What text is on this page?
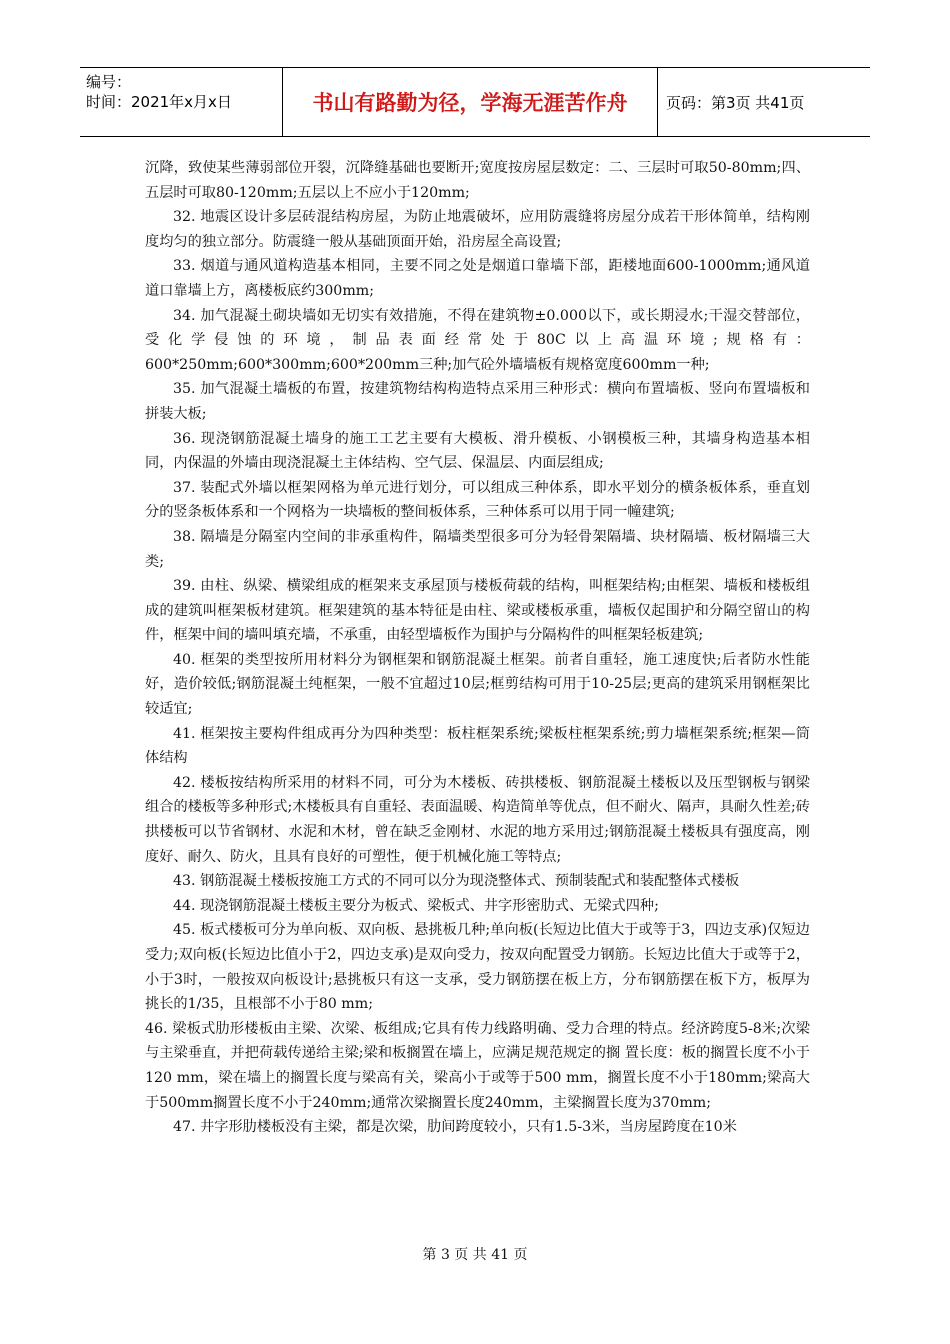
编号：
时间：2021年x月x日	书山有路勤为径，学海无涯苦作舟	页码：第3页 共41页

沉降，致使某些薄弱部位开裂，沉降缝基础也要断开;宽度按房屋层数定：二、三层时可取50-80mm;四、五层时可取80-120mm;五层以上不应小于120mm;

32. 地震区设计多层砖混结构房屋，为防止地震破坏，应用防震缝将房屋分成若干形体简单，结构刚度均匀的独立部分。防震缝一般从基础顶面开始，沿房屋全高设置;

33. 烟道与通风道构造基本相同，主要不同之处是烟道口靠墙下部，距楼地面600-1000mm;通风道道口靠墙上方，离楼板底约300mm;

34. 加气混凝土砌块墙如无切实有效措施，不得在建筑物±0.000以下，或长期浸水;干湿交替部位，受化学侵蚀的环境，制品表面经常处于80C以上高温环境;规格有：600*250mm;600*300mm;600*200mm三种;加气砼外墙墙板有规格宽度600mm一种;

35. 加气混凝土墙板的布置，按建筑物结构构造特点采用三种形式：横向布置墙板、竖向布置墙板和拼装大板;

36. 现浇钢筋混凝土墙身的施工工艺主要有大模板、滑升模板、小钢模板三种，其墙身构造基本相同，内保温的外墙由现浇混凝土主体结构、空气层、保温层、内面层组成;

37. 装配式外墙以框架网格为单元进行划分，可以组成三种体系，即水平划分的横条板体系，垂直划分的竖条板体系和一个网格为一块墙板的整间板体系，三种体系可以用于同一幢建筑;

38. 隔墙是分隔室内空间的非承重构件，隔墙类型很多可分为轻骨架隔墙、块材隔墙、板材隔墙三大类;

39. 由柱、纵梁、横梁组成的框架来支承屋顶与楼板荷载的结构，叫框架结构;由框架、墙板和楼板组成的建筑叫框架板材建筑。框架建筑的基本特征是由柱、梁或楼板承重，墙板仅起围护和分隔空留山的构件，框架中间的墙叫填充墙，不承重，由轻型墙板作为围护与分隔构件的叫框架轻板建筑;

40. 框架的类型按所用材料分为钢框架和钢筋混凝土框架。前者自重轻，施工速度快;后者防水性能好，造价较低;钢筋混凝土纯框架，一般不宜超过10层;框剪结构可用于10-25层;更高的建筑采用钢框架比较适宜;

41. 框架按主要构件组成再分为四种类型：板柱框架系统;梁板柱框架系统;剪力墙框架系统;框架—筒体结构

42. 楼板按结构所采用的材料不同，可分为木楼板、砖拱楼板、钢筋混凝土楼板以及压型钢板与钢梁组合的楼板等多种形式;木楼板具有自重轻、表面温暖、构造简单等优点，但不耐火、隔声，具耐久性差;砖拱楼板可以节省钢材、水泥和木材，曾在缺乏金刚材、水泥的地方采用过;钢筋混凝土楼板具有强度高，刚度好、耐久、防火，且具有良好的可塑性，便于机械化施工等特点;

43. 钢筋混凝土楼板按施工方式的不同可以分为现浇整体式、预制装配式和装配整体式楼板

44. 现浇钢筋混凝土楼板主要分为板式、梁板式、井字形密肋式、无梁式四种;

45. 板式楼板可分为单向板、双向板、悬挑板几种;单向板(长短边比值大于或等于3，四边支承)仅短边受力;双向板(长短边比值小于2，四边支承)是双向受力，按双向配置受力钢筋。长短边比值大于或等于2，小于3时，一般按双向板设计;悬挑板只有这一支承，受力钢筋摆在板上方，分布钢筋摆在板下方，板厚为挑长的1/35，且根部不小于80 mm;

46. 梁板式肋形楼板由主梁、次梁、板组成;它具有传力线路明确、受力合理的特点。经济跨度5-8米;次梁与主梁垂直，并把荷载传递给主梁;梁和板搁置在墙上，应满足规范规定的搁 置长度：板的搁置长度不小于120 mm，梁在墙上的搁置长度与梁高有关，梁高小于或等于500 mm，搁置长度不小于180mm;梁高大于500mm搁置长度不小于240mm;通常次梁搁置长度240mm，主梁搁置长度为370mm;

47. 井字形肋楼板没有主梁，都是次梁，肋间跨度较小，只有1.5-3米，当房屋跨度在10米

第 3 页 共 41 页
